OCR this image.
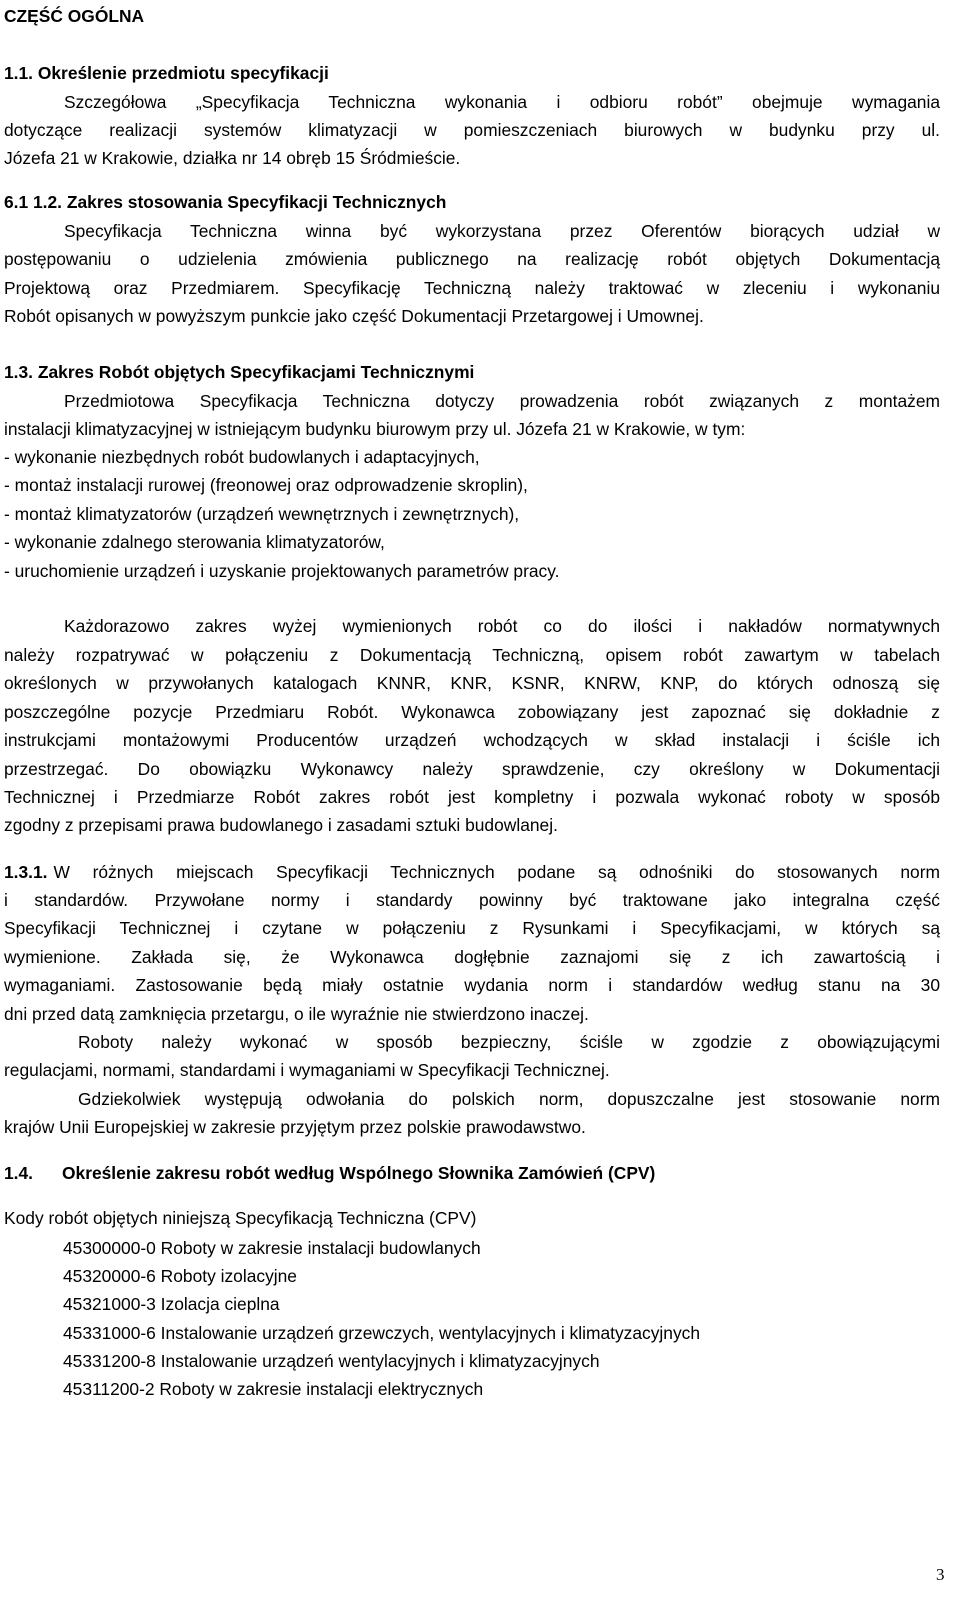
CZĘŚĆ OGÓLNA
1.1. Określenie przedmiotu specyfikacji
Szczegółowa „Specyfikacja Techniczna wykonania i odbioru robót” obejmuje wymagania
dotyczące realizacji systemów klimatyzacji w pomieszczeniach biurowych w budynku przy ul.
Józefa 21 w Krakowie, działka nr 14 obręb 15 Śródmieście.
6.1 1.2. Zakres stosowania Specyfikacji Technicznych
Specyfikacja Techniczna winna być wykorzystana przez Oferentów biorących udział w
postępowaniu o udzielenia zmówienia publicznego na realizację robót objętych Dokumentacją
Projektową oraz Przedmiarem. Specyfikację Techniczną należy traktować w zleceniu i wykonaniu
Robót opisanych w powyższym punkcie jako część Dokumentacji Przetargowej i Umownej.
1.3. Zakres Robót objętych Specyfikacjami Technicznymi
Przedmiotowa Specyfikacja Techniczna dotyczy prowadzenia robót związanych z montażem
instalacji klimatyzacyjnej w istniejącym budynku biurowym przy ul. Józefa 21 w Krakowie, w tym:
- wykonanie niezbędnych robót budowlanych i adaptacyjnych,
- montaż instalacji rurowej (freonowej oraz odprowadzenie skroplin),
- montaż klimatyzatorów (urządzeń wewnętrznych i zewnętrznych),
- wykonanie zdalnego sterowania klimatyzatorów,
- uruchomienie urządzeń i uzyskanie projektowanych parametrów pracy.
Każdorazowo zakres wyżej wymienionych robót co do ilości i nakładów normatywnych
należy rozpatrywać w połączeniu z Dokumentacją Techniczną, opisem robót zawartym w tabelach
określonych w przywołanych katalogach KNNR, KNR, KSNR, KNRW, KNP, do których odnoszą się
poszczególne pozycje Przedmiaru Robót. Wykonawca zobowiązany jest zapoznać się dokładnie z
instrukcjami montażowymi Producentów urządzeń wchodzących w skład instalacji i ściśle ich
przestrzegać. Do obowiązku Wykonawcy należy sprawdzenie, czy określony w Dokumentacji
Technicznej i Przedmiarze Robót zakres robót jest kompletny i pozwala wykonać roboty w sposób
zgodny z przepisami prawa budowlanego i zasadami sztuki budowlanej.
1.3.1. W różnych miejscach Specyfikacji Technicznych podane są odnośniki do stosowanych norm
i standardów. Przywołane normy i standardy powinny być traktowane jako integralna część
Specyfikacji Technicznej i czytane w połączeniu z Rysunkami i Specyfikacjami, w których są
wymienione. Zakłada się, że Wykonawca dogłębnie zaznajomi się z ich zawartością i
wymaganiami. Zastosowanie będą miały ostatnie wydania norm i standardów według stanu na 30
dni przed datą zamknięcia przetargu, o ile wyraźnie nie stwierdzono inaczej.
Roboty należy wykonać w sposób bezpieczny, ściśle w zgodzie z obowiązującymi
regulacjami, normami, standardami i wymaganiami w Specyfikacji Technicznej.
Gdziekolwiek występują odwołania do polskich norm, dopuszczalne jest stosowanie norm
krajów Unii Europejskiej w zakresie przyjętym przez polskie prawodawstwo.
1.4. Określenie zakresu robót według Wspólnego Słownika Zamówień (CPV)
Kody robót objętych niniejszą Specyfikacją Techniczna (CPV)
45300000-0 Roboty w zakresie instalacji budowlanych
45320000-6 Roboty izolacyjne
45321000-3 Izolacja cieplna
45331000-6 Instalowanie urządzeń grzewczych, wentylacyjnych i klimatyzacyjnych
45331200-8 Instalowanie urządzeń wentylacyjnych i klimatyzacyjnych
45311200-2 Roboty w zakresie instalacji elektrycznych
3
